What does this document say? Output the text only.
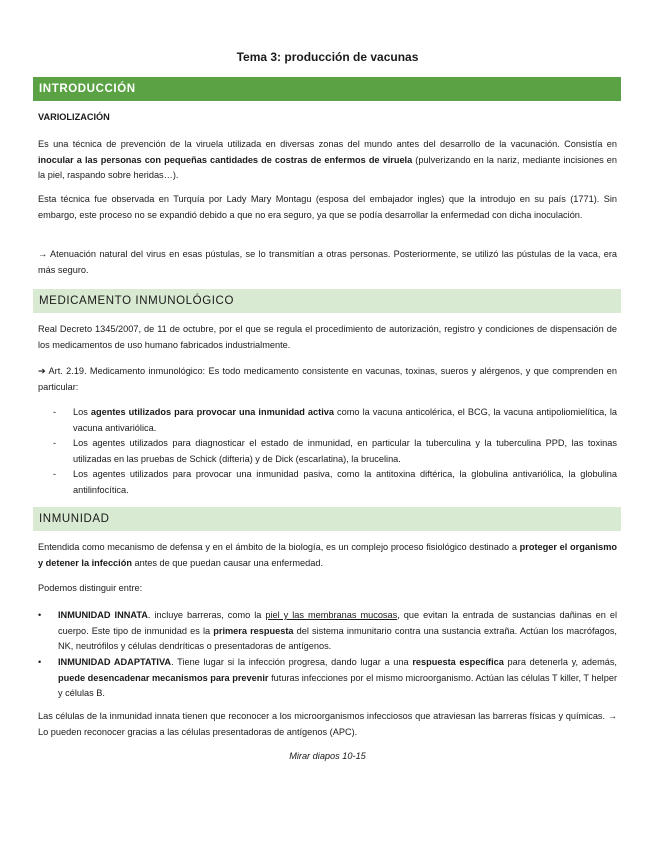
Tema 3: producción de vacunas
INTRODUCCIÓN

VARIOLIZACIÓN

Es una técnica de prevención de la viruela utilizada en diversas zonas del mundo antes del desarrollo de la vacunación. Consistía en inocular a las personas con pequeñas cantidades de costras de enfermos de viruela (pulverizando en la nariz, mediante incisiones en la piel, raspando sobre heridas…).

Esta técnica fue observada en Turquía por Lady Mary Montagu (esposa del embajador ingles) que la introdujo en su país (1771). Sin embargo, este proceso no se expandió debido a que no era seguro, ya que se podía desarrollar la enfermedad con dicha inoculación.

→ Atenuación natural del virus en esas pústulas, se lo transmitían a otras personas. Posteriormente, se utilizó las pústulas de la vaca, era más seguro.

MEDICAMENTO INMUNOLÓGICO

Real Decreto 1345/2007, de 11 de octubre, por el que se regula el procedimiento de autorización, registro y condiciones de dispensación de los medicamentos de uso humano fabricados industrialmente.

➔ Art. 2.19. Medicamento inmunológico: Es todo medicamento consistente en vacunas, toxinas, sueros y alérgenos, y que comprenden en particular:

- Los agentes utilizados para provocar una inmunidad activa como la vacuna anticolérica, el BCG, la vacuna antipoliomielítica, la vacuna antivariólica.
- Los agentes utilizados para diagnosticar el estado de inmunidad, en particular la tuberculina y la tuberculina PPD, las toxinas utilizadas en las pruebas de Schick (difteria) y de Dick (escarlatina), la brucelina.
- Los agentes utilizados para provocar una inmunidad pasiva, como la antitoxina diftérica, la globulina antivariólica, la globulina antilinfocítica.
INMUNIDAD

Entendida como mecanismo de defensa y en el ámbito de la biología, es un complejo proceso fisiológico destinado a proteger el organismo y detener la infección antes de que puedan causar una enfermedad.

Podemos distinguir entre:

• INMUNIDAD INNATA. incluye barreras, como la piel y las membranas mucosas, que evitan la entrada de sustancias dañinas en el cuerpo. Este tipo de inmunidad es la primera respuesta del sistema inmunitario contra una sustancia extraña. Actúan los macrófagos, NK, neutrófilos y células dendríticas o presentadoras de antígenos.
• INMUNIDAD ADAPTATIVA. Tiene lugar si la infección progresa, dando lugar a una respuesta específica para detenerla y, además, puede desencadenar mecanismos para prevenir futuras infecciones por el mismo microorganismo. Actúan las células T killer, T helper y células B.

Las células de la inmunidad innata tienen que reconocer a los microorganismos infecciosos que atraviesan las barreras físicas y químicas. → Lo pueden reconocer gracias a las células presentadoras de antígenos (APC).

Mirar diapos 10-15
